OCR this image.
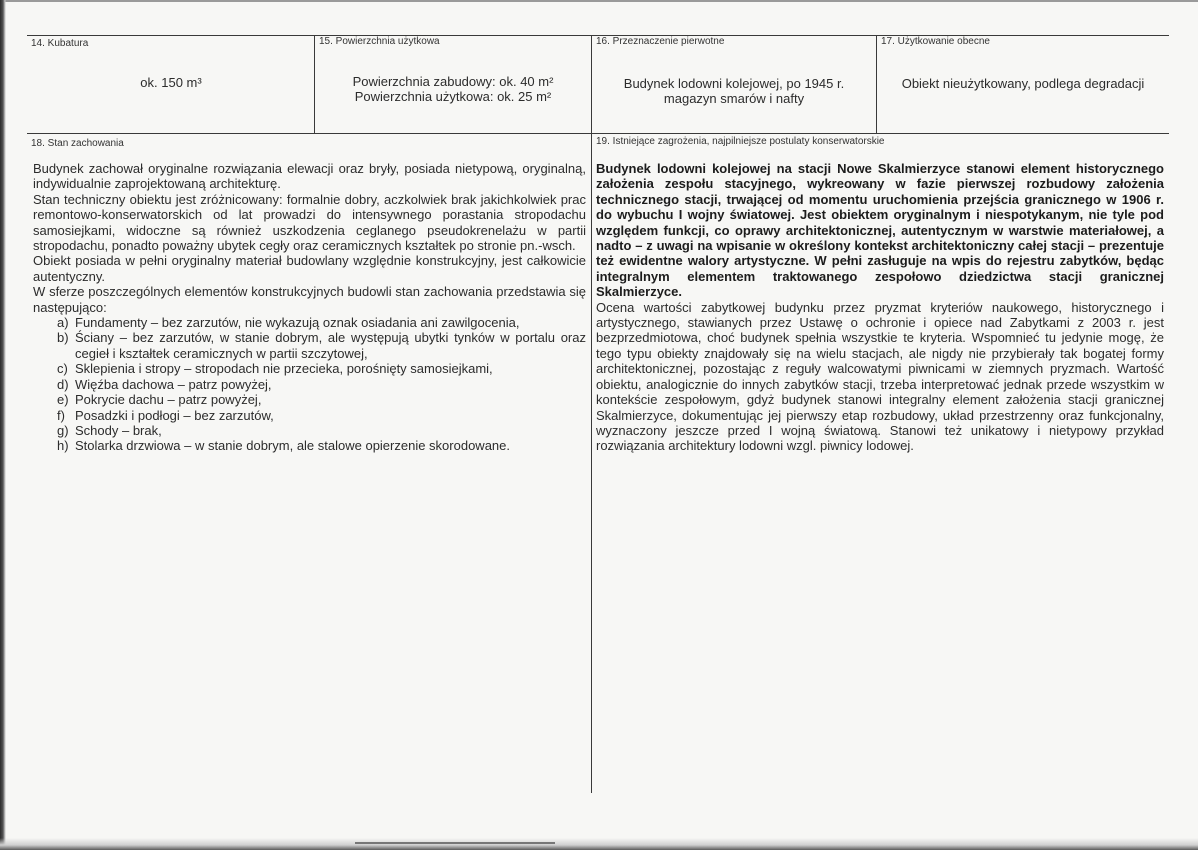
14. Kubatura
ok. 150 m³
15. Powierzchnia użytkowa
Powierzchnia zabudowy: ok. 40 m²
Powierzchnia użytkowa: ok. 25 m²
16. Przeznaczenie pierwotne
Budynek lodowni kolejowej, po 1945 r.
magazyn smarów i nafty
17. Użytkowanie obecne
Obiekt nieużytkowany, podlega degradacji
18. Stan zachowania

Budynek zachował oryginalne rozwiązania elewacji oraz bryły, posiada nietypową, oryginalną, indywidualnie zaprojektowaną architekturę.

Stan techniczny obiektu jest zróżnicowany: formalnie dobry, aczkolwiek brak jakichkolwiek prac remontowo-konserwatorskich od lat prowadzi do intensywnego porastania stropodachu samosiejkami, widoczne są również uszkodzenia ceglanego pseudokrenelażu w partii stropodachu, ponadto poważny ubytek cegły oraz ceramicznych kształtek po stronie pn.-wsch.

Obiekt posiada w pełni oryginalny materiał budowlany względnie konstrukcyjny, jest całkowicie autentyczny.

W sferze poszczególnych elementów konstrukcyjnych budowli stan zachowania przedstawia się następująco:

a) Fundamenty – bez zarzutów, nie wykazują oznak osiadania ani zawilgocenia,
b) Ściany – bez zarzutów, w stanie dobrym, ale występują ubytki tynków w portalu oraz cegieł i kształtek ceramicznych w partii szczytowej,
c) Sklepienia i stropy – stropodach nie przecieka, porośnięty samosiejkami,
d) Więźba dachowa – patrz powyżej,
e) Pokrycie dachu – patrz powyżej,
f) Posadzki i podłogi – bez zarzutów,
g) Schody – brak,
h) Stolarka drzwiowa – w stanie dobrym, ale stalowe opierzenie skorodowane.
19. Istniejące zagrożenia, najpilniejsze postulaty konserwatorskie

Budynek lodowni kolejowej na stacji Nowe Skalmierzyce stanowi element historycznego założenia zespołu stacyjnego, wykreowany w fazie pierwszej rozbudowy założenia technicznego stacji, trwającej od momentu uruchomienia przejścia granicznego w 1906 r. do wybuchu I wojny światowej. Jest obiektem oryginalnym i niespotykanym, nie tyle pod względem funkcji, co oprawy architektonicznej, autentycznym w warstwie materiałowej, a nadto – z uwagi na wpisanie w określony kontekst architektoniczny całej stacji – prezentuje też ewidentne walory artystyczne. W pełni zasługuje na wpis do rejestru zabytków, będąc integralnym elementem traktowanego zespołowo dziedzictwa stacji granicznej Skalmierzyce.

Ocena wartości zabytkowej budynku przez pryzmat kryteriów naukowego, historycznego i artystycznego, stawianych przez Ustawę o ochronie i opiece nad Zabytkami z 2003 r. jest bezprzedmiotowa, choć budynek spełnia wszystkie te kryteria. Wspomnieć tu jedynie mogę, że tego typu obiekty znajdowały się na wielu stacjach, ale nigdy nie przybierały tak bogatej formy architektonicznej, pozostając z reguły walcowatymi piwnicami w ziemnych pryzmach. Wartość obiektu, analogicznie do innych zabytków stacji, trzeba interpretować jednak przede wszystkim w kontekście zespołowym, gdyż budynek stanowi integralny element założenia stacji granicznej Skalmierzyce, dokumentując jej pierwszy etap rozbudowy, układ przestrzenny oraz funkcjonalny, wyznaczony jeszcze przed I wojną światową. Stanowi też unikatowy i nietypowy przykład rozwiązania architektury lodowni wzgl. piwnicy lodowej.
